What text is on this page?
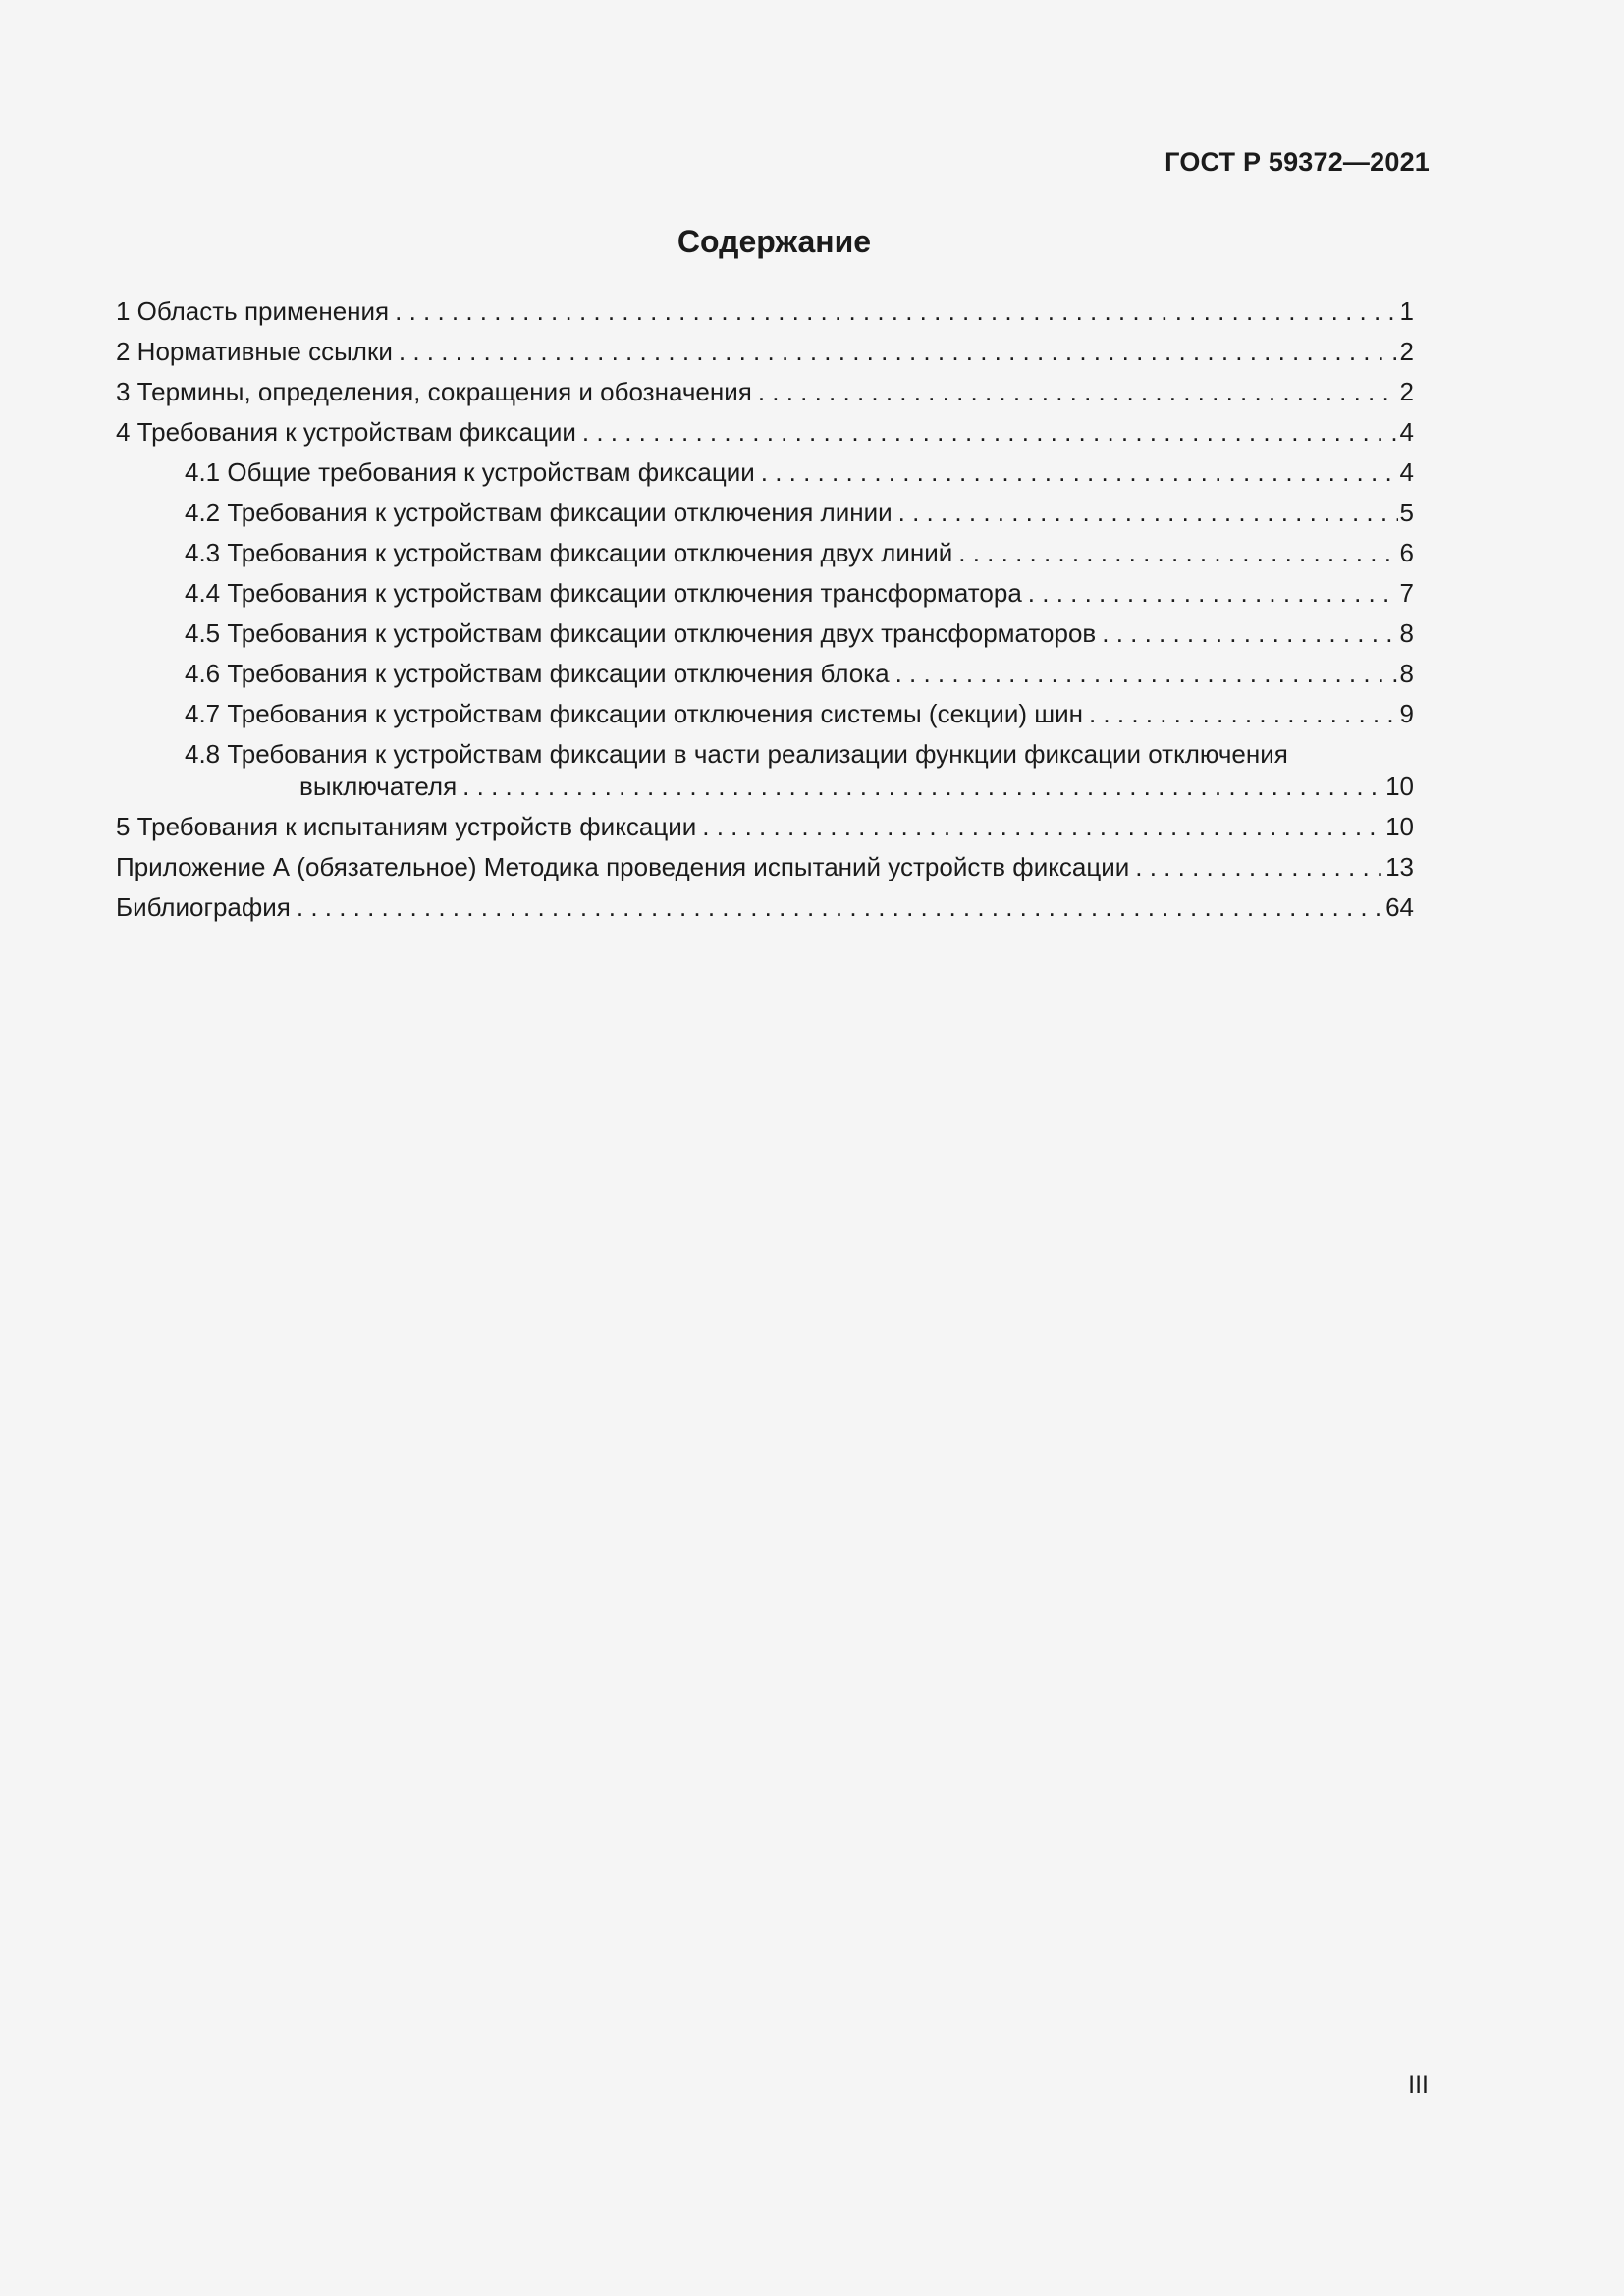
ГОСТ Р 59372—2021
Содержание
1 Область применения . . .	1
2 Нормативные ссылки . . .	2
3 Термины, определения, сокращения и обозначения . . .	2
4 Требования к устройствам фиксации . . .	4
4.1 Общие требования к устройствам фиксации . . .	4
4.2 Требования к устройствам фиксации отключения линии . . .	5
4.3 Требования к устройствам фиксации отключения двух линий . . .	6
4.4 Требования к устройствам фиксации отключения трансформатора . . .	7
4.5 Требования к устройствам фиксации отключения двух трансформаторов . . .	8
4.6 Требования к устройствам фиксации отключения блока . . .	8
4.7 Требования к устройствам фиксации отключения системы (секции) шин . . .	9
4.8 Требования к устройствам фиксации в части реализации функции фиксации отключения
выключателя . . .	10
5 Требования к испытаниям устройств фиксации . . .	10
Приложение А (обязательное) Методика проведения испытаний устройств фиксации . . .	13
Библиография . . .	64
III
